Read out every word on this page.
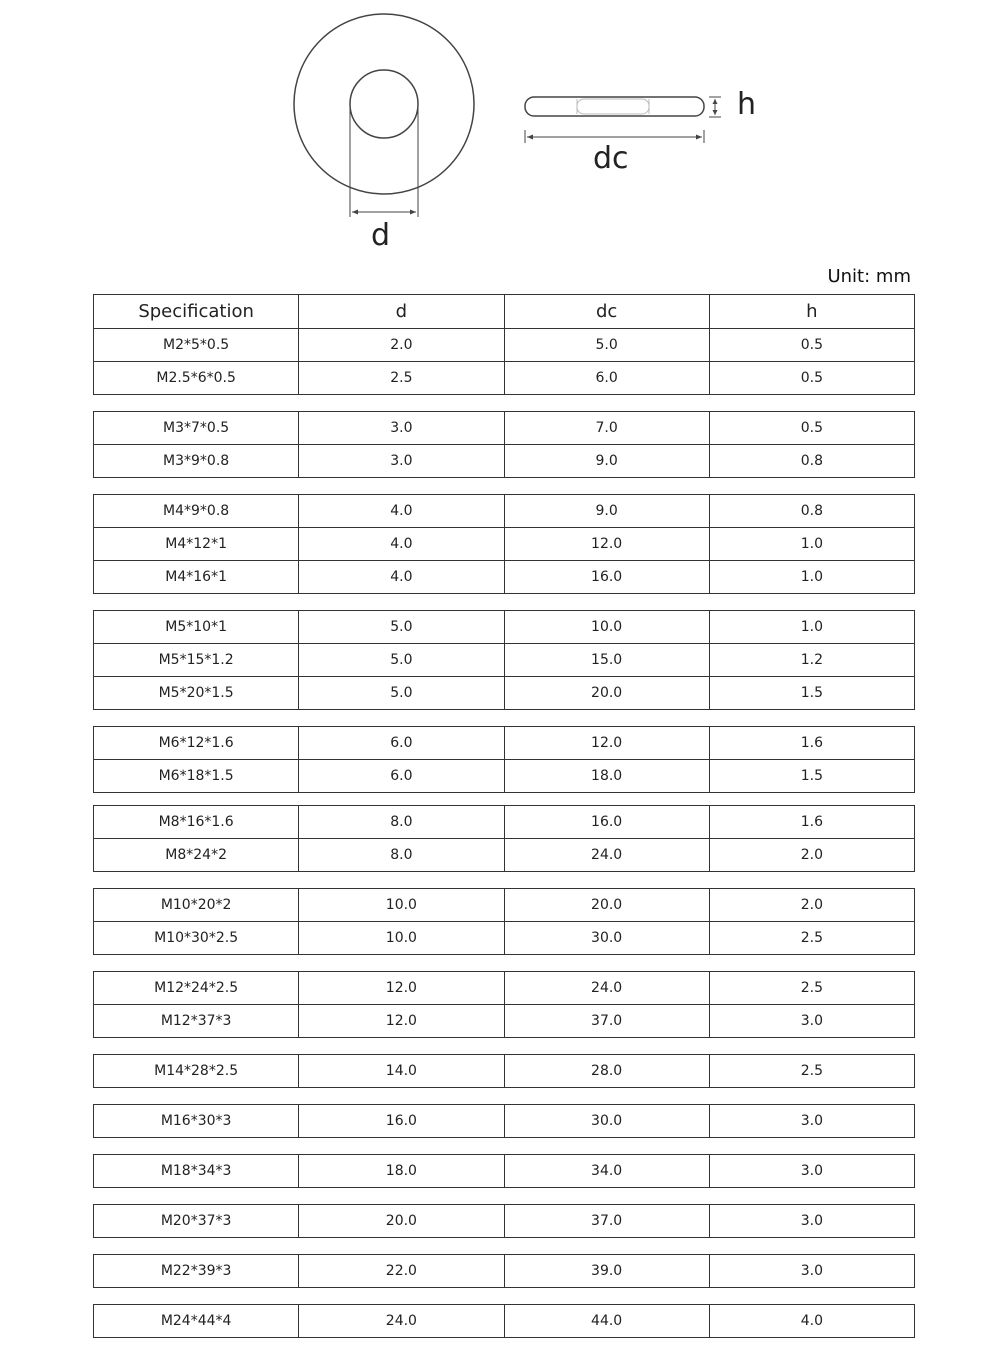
d
h
dc
Unit: mm
Specification	d	dc	h
M2*5*0.5	2.0	5.0	0.5
M2.5*6*0.5	2.5	6.0	0.5
M3*7*0.5	3.0	7.0	0.5
M3*9*0.8	3.0	9.0	0.8
M4*9*0.8	4.0	9.0	0.8
M4*12*1	4.0	12.0	1.0
M4*16*1	4.0	16.0	1.0
M5*10*1	5.0	10.0	1.0
M5*15*1.2	5.0	15.0	1.2
M5*20*1.5	5.0	20.0	1.5
M6*12*1.6	6.0	12.0	1.6
M6*18*1.5	6.0	18.0	1.5
M8*16*1.6	8.0	16.0	1.6
M8*24*2	8.0	24.0	2.0
M10*20*2	10.0	20.0	2.0
M10*30*2.5	10.0	30.0	2.5
M12*24*2.5	12.0	24.0	2.5
M12*37*3	12.0	37.0	3.0
M14*28*2.5	14.0	28.0	2.5
M16*30*3	16.0	30.0	3.0
M18*34*3	18.0	34.0	3.0
M20*37*3	20.0	37.0	3.0
M22*39*3	22.0	39.0	3.0
M24*44*4	24.0	44.0	4.0
